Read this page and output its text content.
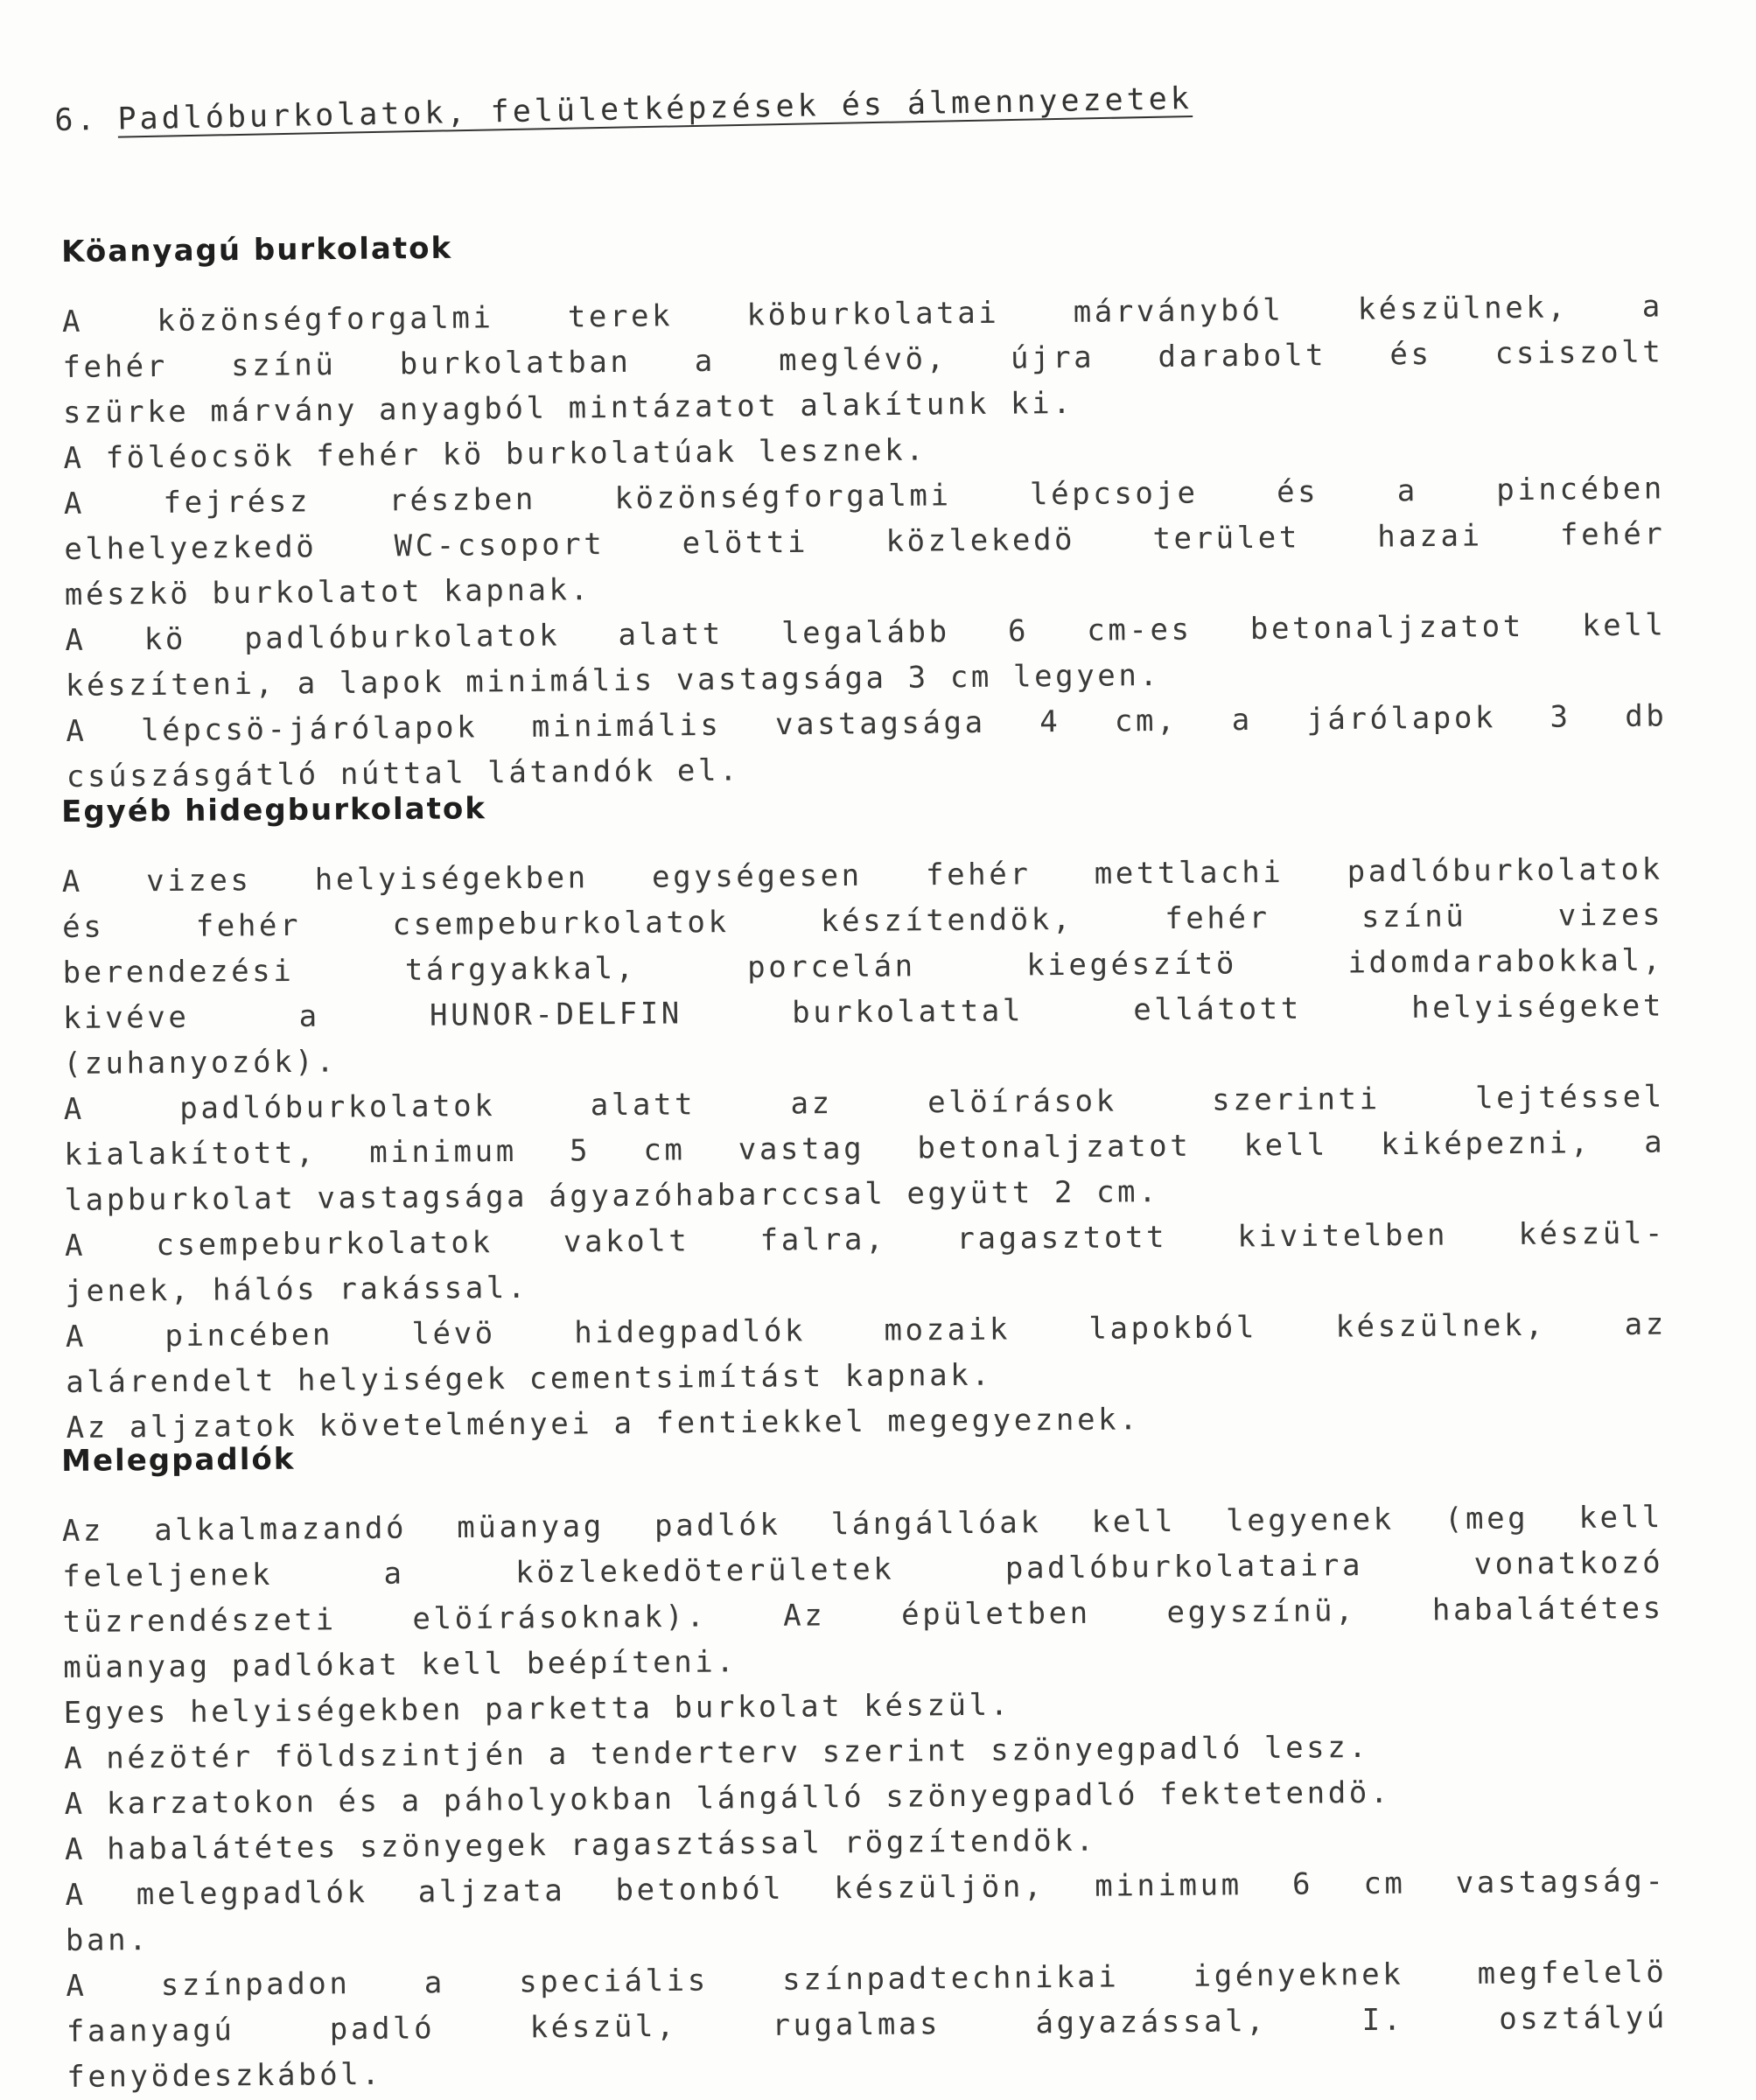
6. Padlóburkolatok, felületképzések és álmennyezetek
Köanyagú burkolatok
A közönségforgalmi terek köburkolatai márványból készülnek, a
fehér színü burkolatban a meglévö, újra darabolt és csiszolt
szürke márvány anyagból mintázatot alakítunk ki.
A föléocsök fehér kö burkolatúak lesznek.
A fejrész részben közönségforgalmi lépcsoje és a pincében
elhelyezkedö WC-csoport elötti közlekedö terület hazai fehér
mészkö burkolatot kapnak.
A kö padlóburkolatok alatt legalább 6 cm-es betonaljzatot kell
készíteni, a lapok minimális vastagsága 3 cm legyen.
A lépcsö-járólapok minimális vastagsága 4 cm, a járólapok 3 db
csúszásgátló núttal látandók el.
Egyéb hidegburkolatok
A vizes helyiségekben egységesen fehér mettlachi padlóburkolatok
és fehér csempeburkolatok készítendök, fehér színü vizes
berendezési tárgyakkal, porcelán kiegészítö idomdarabokkal,
kivéve a HUNOR-DELFIN burkolattal ellátott helyiségeket
(zuhanyozók).
A padlóburkolatok alatt az elöírások szerinti lejtéssel
kialakított, minimum 5 cm vastag betonaljzatot kell kiképezni, a
lapburkolat vastagsága ágyazóhabarccsal együtt 2 cm.
A csempeburkolatok vakolt falra, ragasztott kivitelben készül-
jenek, hálós rakással.
A pincében lévö hidegpadlók mozaik lapokból készülnek, az
alárendelt helyiségek cementsimítást kapnak.
Az aljzatok követelményei a fentiekkel megegyeznek.
Melegpadlók
Az alkalmazandó müanyag padlók lángállóak kell legyenek (meg kell
feleljenek a közlekedöterületek padlóburkolataira vonatkozó
tüzrendészeti elöírásoknak). Az épületben egyszínü, habalátétes
müanyag padlókat kell beépíteni.
Egyes helyiségekben parketta burkolat készül.
A nézötér földszintjén a tenderterv szerint szönyegpadló lesz.
A karzatokon és a páholyokban lángálló szönyegpadló fektetendö.
A habalátétes szönyegek ragasztással rögzítendök.
A melegpadlók aljzata betonból készüljön, minimum 6 cm vastagság-
ban.
A színpadon a speciális színpadtechnikai igényeknek megfelelö
faanyagú padló készül, rugalmas ágyazással, I. osztályú
fenyödeszkából.
